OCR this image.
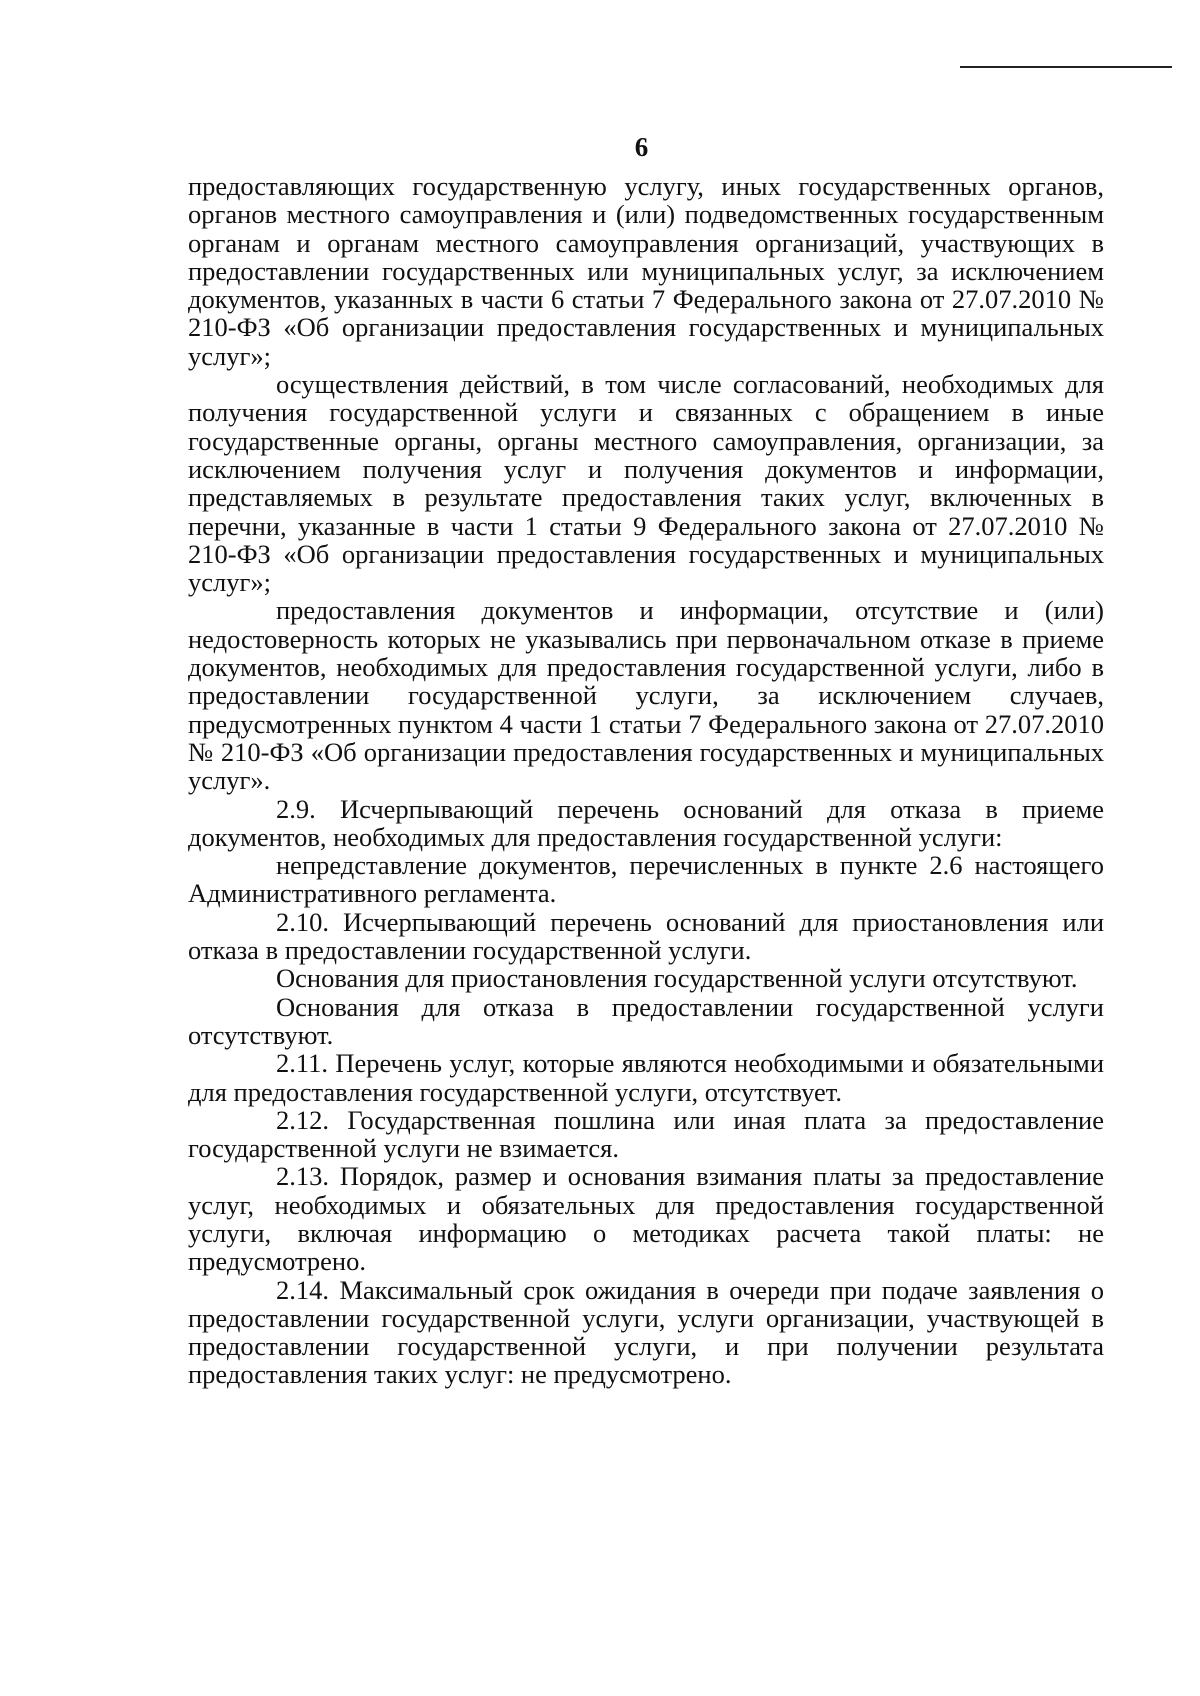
6

предоставляющих государственную услугу, иных государственных органов, органов местного самоуправления и (или) подведомственных государственным органам и органам местного самоуправления организаций, участвующих в предоставлении государственных или муниципальных услуг, за исключением документов, указанных в части 6 статьи 7 Федерального закона от 27.07.2010 № 210-ФЗ «Об организации предоставления государственных и муниципальных услуг»;

осуществления действий, в том числе согласований, необходимых для получения государственной услуги и связанных с обращением в иные государственные органы, органы местного самоуправления, организации, за исключением получения услуг и получения документов и информации, представляемых в результате предоставления таких услуг, включенных в перечни, указанные в части 1 статьи 9 Федерального закона от 27.07.2010 № 210-ФЗ «Об организации предоставления государственных и муниципальных услуг»;

предоставления документов и информации, отсутствие и (или) недостоверность которых не указывались при первоначальном отказе в приеме документов, необходимых для предоставления государственной услуги, либо в предоставлении государственной услуги, за исключением случаев, предусмотренных пунктом 4 части 1 статьи 7 Федерального закона от 27.07.2010 № 210-ФЗ «Об организации предоставления государственных и муниципальных услуг».

2.9. Исчерпывающий перечень оснований для отказа в приеме документов, необходимых для предоставления государственной услуги:

непредставление документов, перечисленных в пункте 2.6 настоящего Административного регламента.

2.10. Исчерпывающий перечень оснований для приостановления или отказа в предоставлении государственной услуги.

Основания для приостановления государственной услуги отсутствуют.

Основания для отказа в предоставлении государственной услуги отсутствуют.

2.11. Перечень услуг, которые являются необходимыми и обязательными для предоставления государственной услуги, отсутствует.

2.12. Государственная пошлина или иная плата за предоставление государственной услуги не взимается.

2.13. Порядок, размер и основания взимания платы за предоставление услуг, необходимых и обязательных для предоставления государственной услуги, включая информацию о методиках расчета такой платы: не предусмотрено.

2.14. Максимальный срок ожидания в очереди при подаче заявления о предоставлении государственной услуги, услуги организации, участвующей в предоставлении государственной услуги, и при получении результата предоставления таких услуг: не предусмотрено.
